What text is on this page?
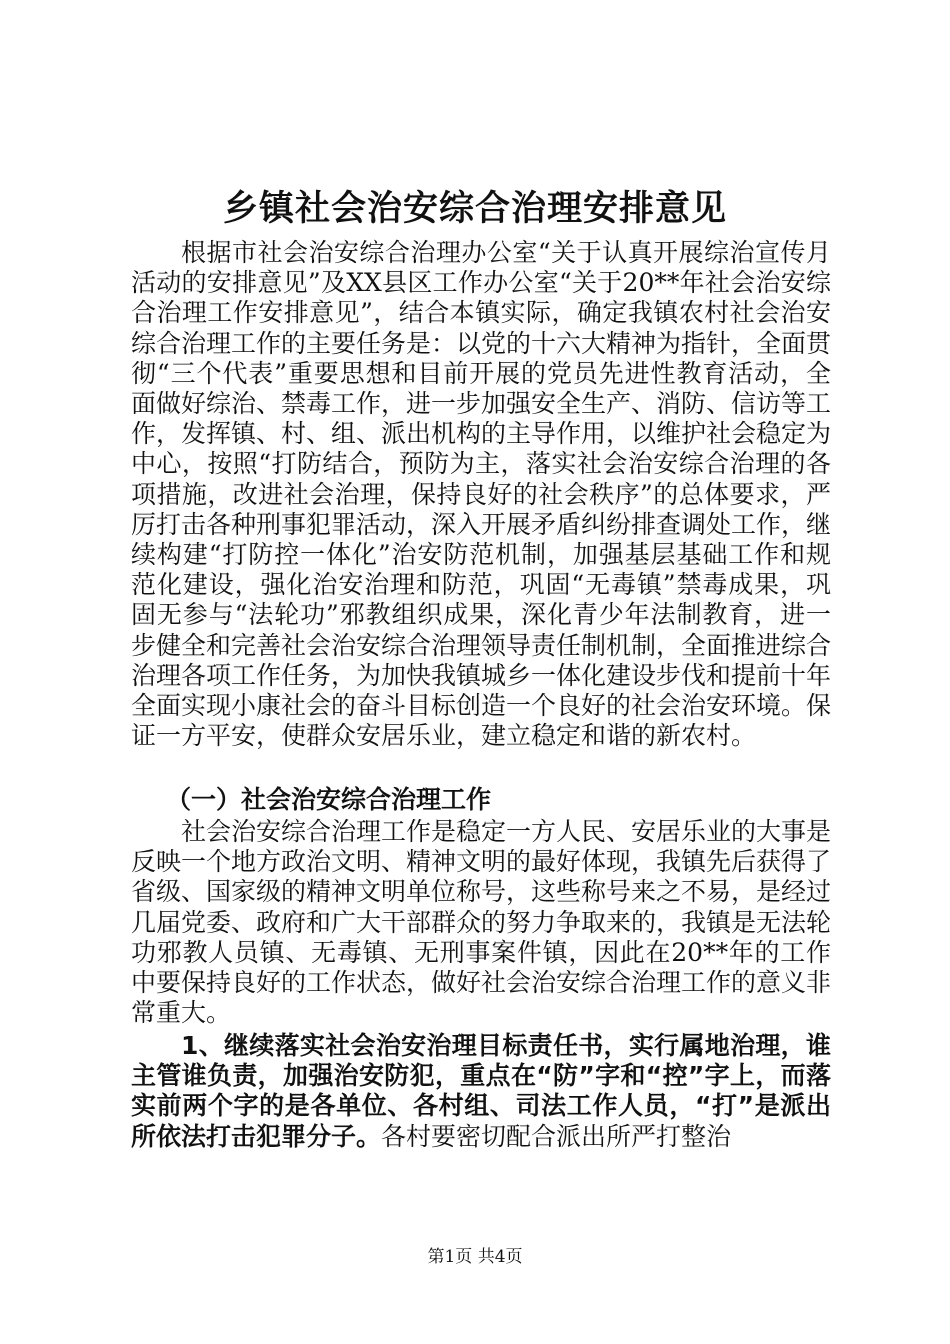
乡镇社会治安综合治理安排意见
根据市社会治安综合治理办公室“关于认真开展综治宣传月活动的安排意见”及XX县区工作办公室“关于20**年社会治安综合治理工作安排意见”，结合本镇实际，确定我镇农村社会治安综合治理工作的主要任务是：以党的十六大精神为指针，全面贯彻“三个代表”重要思想和目前开展的党员先进性教育活动，全面做好综治、禁毒工作，进一步加强安全生产、消防、信访等工作，发挥镇、村、组、派出机构的主导作用，以维护社会稳定为中心，按照“打防结合，预防为主，落实社会治安综合治理的各项措施，改进社会治理，保持良好的社会秩序”的总体要求，严厉打击各种刑事犯罪活动，深入开展矛盾纠纷排查调处工作，继续构建“打防控一体化”治安防范机制，加强基层基础工作和规范化建设，强化治安治理和防范，巩固“无毒镇”禁毒成果，巩固无参与“法轮功”邪教组织成果，深化青少年法制教育，进一步健全和完善社会治安综合治理领导责任制机制，全面推进综合治理各项工作任务，为加快我镇城乡一体化建设步伐和提前十年全面实现小康社会的奋斗目标创造一个良好的社会治安环境。保证一方平安，使群众安居乐业，建立稳定和谐的新农村。
（一）社会治安综合治理工作
社会治安综合治理工作是稳定一方人民、安居乐业的大事是反映一个地方政治文明、精神文明的最好体现，我镇先后获得了省级、国家级的精神文明单位称号，这些称号来之不易，是经过几届党委、政府和广大干部群众的努力争取来的，我镇是无法轮功邪教人员镇、无毒镇、无刑事案件镇，因此在20**年的工作中要保持良好的工作状态，做好社会治安综合治理工作的意义非常重大。
1、继续落实社会治安治理目标责任书，实行属地治理，谁主管谁负责，加强治安防犯，重点在“防”字和“控”字上，而落实前两个字的是各单位、各村组、司法工作人员，“打”是派出所依法打击犯罪分子。各村要密切配合派出所严打整治
第1页 共4页
